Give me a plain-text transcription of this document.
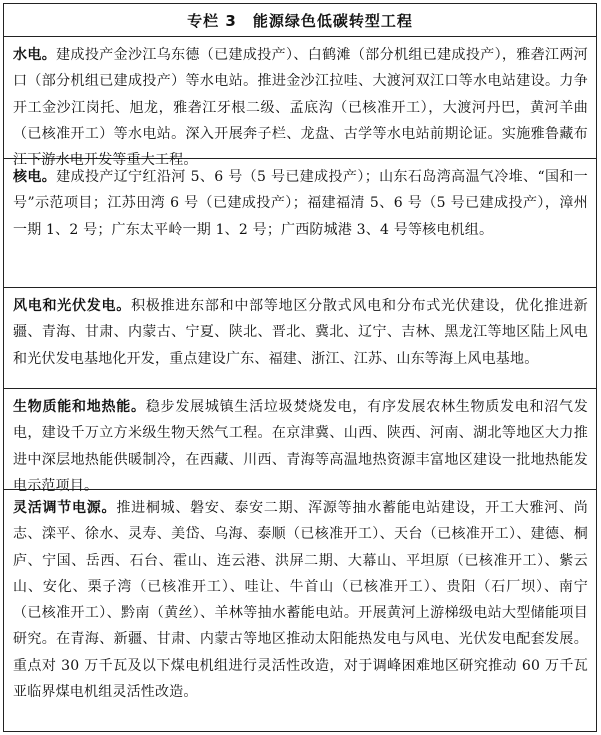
专栏 3 能源绿色低碳转型工程
水电。建成投产金沙江乌东德（已建成投产）、白鹤滩（部分机组已建成投产），雅砻江两河口（部分机组已建成投产）等水电站。推进金沙江拉哇、大渡河双江口等水电站建设。力争开工金沙江岗托、旭龙，雅砻江牙根二级、孟底沟（已核准开工），大渡河丹巴，黄河羊曲（已核准开工）等水电站。深入开展奔子栏、龙盘、古学等水电站前期论证。实施雅鲁藏布江下游水电开发等重大工程。
核电。建成投产辽宁红沿河 5、6 号（5 号已建成投产）；山东石岛湾高温气冷堆、“国和一号”示范项目；江苏田湾 6 号（已建成投产）；福建福清 5、6 号（5 号已建成投产），漳州一期 1、2 号；广东太平岭一期 1、2 号；广西防城港 3、4 号等核电机组。
风电和光伏发电。积极推进东部和中部等地区分散式风电和分布式光伏建设，优化推进新疆、青海、甘肃、内蒙古、宁夏、陕北、晋北、冀北、辽宁、吉林、黑龙江等地区陆上风电和光伏发电基地化开发，重点建设广东、福建、浙江、江苏、山东等海上风电基地。
生物质能和地热能。稳步发展城镇生活垃圾焚烧发电，有序发展农林生物质发电和沼气发电，建设千万立方米级生物天然气工程。在京津冀、山西、陕西、河南、湖北等地区大力推进中深层地热能供暖制冷，在西藏、川西、青海等高温地热资源丰富地区建设一批地热能发电示范项目。
灵活调节电源。推进桐城、磐安、泰安二期、浑源等抽水蓄能电站建设，开工大雅河、尚志、滦平、徐水、灵寿、美岱、乌海、泰顺（已核准开工）、天台（已核准开工）、建德、桐庐、宁国、岳西、石台、霍山、连云港、洪屏二期、大幕山、平坦原（已核准开工）、紫云山、安化、栗子湾（已核准开工）、哇让、牛首山（已核准开工）、贵阳（石厂坝）、南宁（已核准开工）、黔南（黄丝）、羊林等抽水蓄能电站。开展黄河上游梯级电站大型储能项目研究。在青海、新疆、甘肃、内蒙古等地区推动太阳能热发电与风电、光伏发电配套发展。重点对 30 万千瓦及以下煤电机组进行灵活性改造，对于调峰困难地区研究推动 60 万千瓦亚临界煤电机组灵活性改造。
